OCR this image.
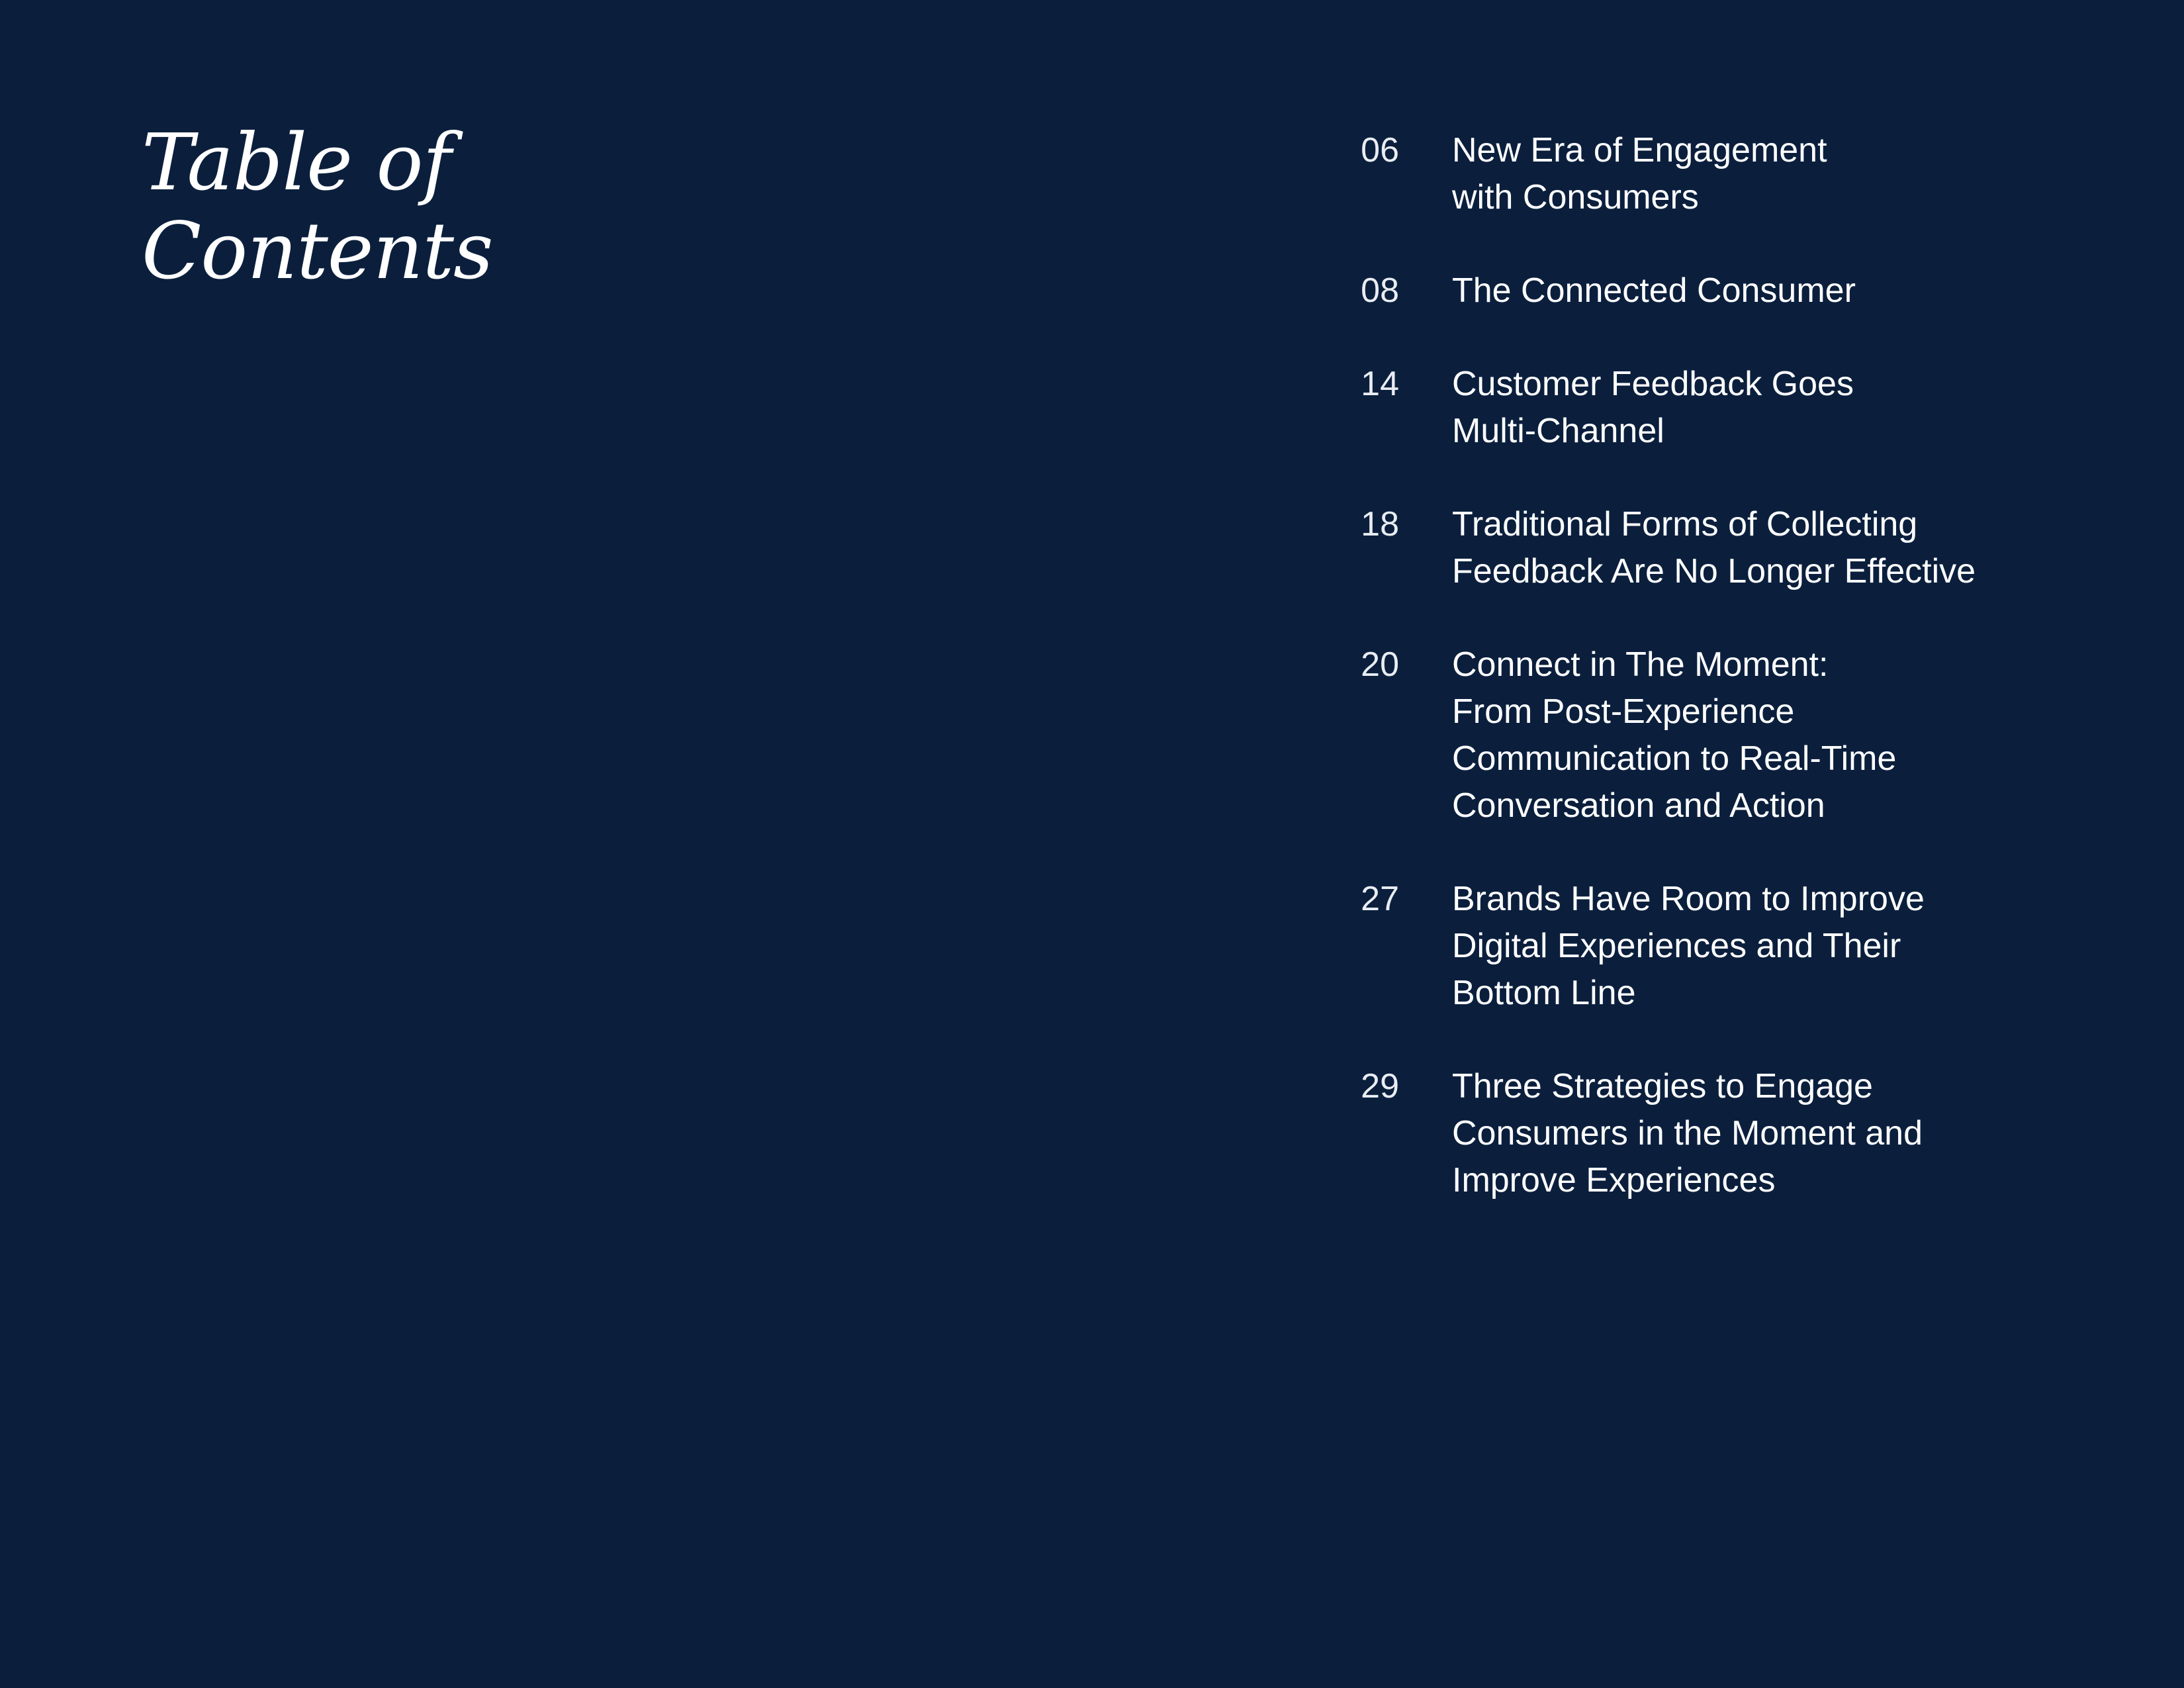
Table of
Contents
06 New Era of Engagement
with Consumers
08 The Connected Consumer
14 Customer Feedback Goes
Multi-Channel
18 Traditional Forms of Collecting
Feedback Are No Longer Effective
20 Connect in The Moment:
From Post-Experience
Communication to Real-Time
Conversation and Action
27 Brands Have Room to Improve
Digital Experiences and Their
Bottom Line
29 Three Strategies to Engage
Consumers in the Moment and
Improve Experiences
